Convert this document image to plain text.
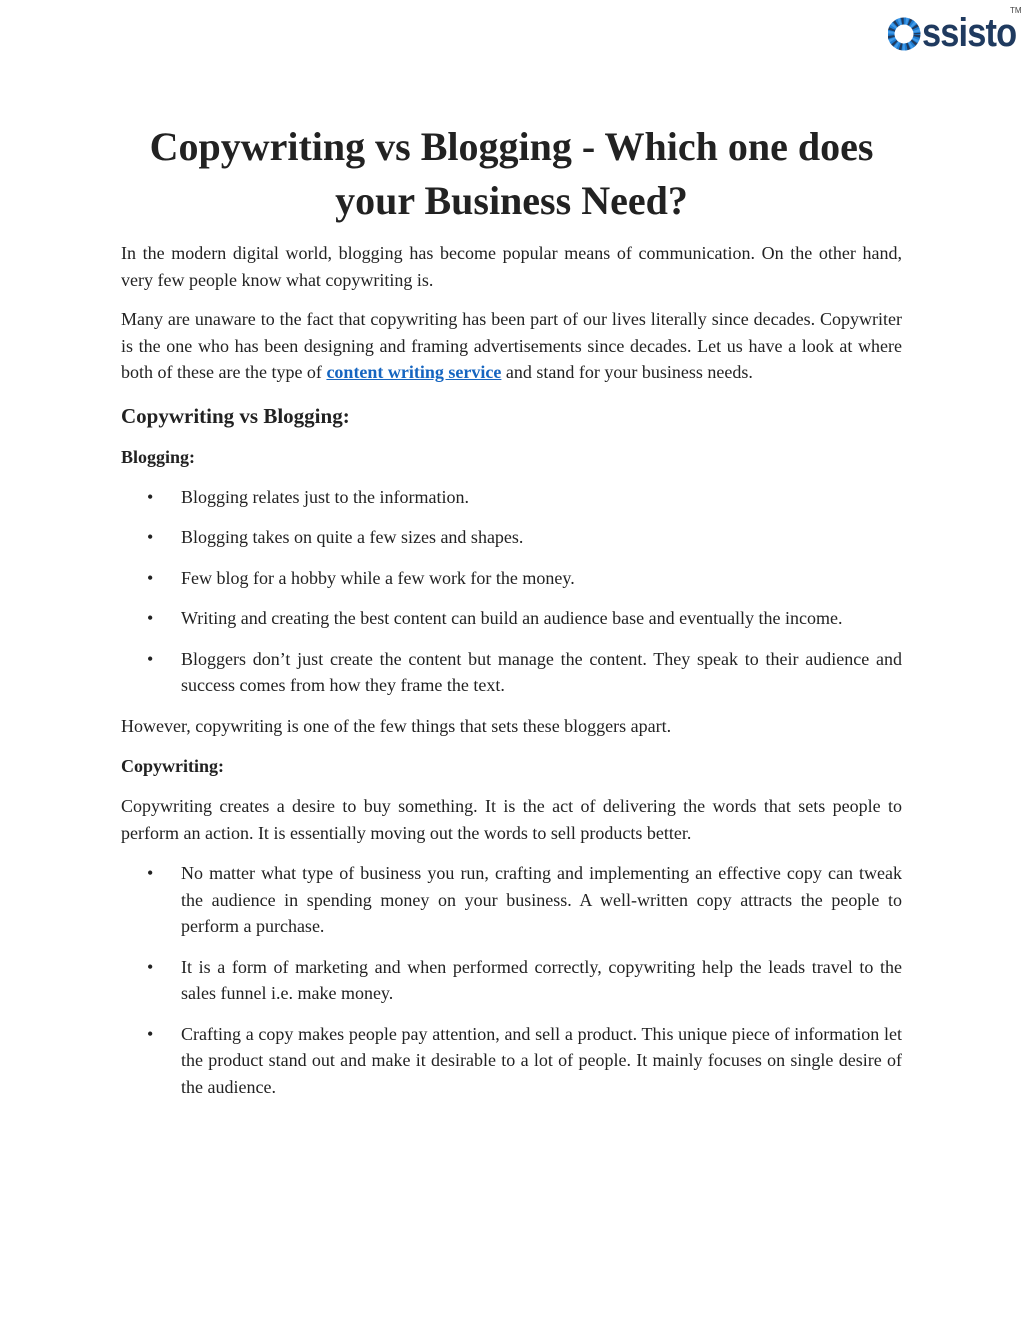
ssisto
TM
Copywriting vs Blogging - Which one does your Business Need?

In the modern digital world, blogging has become popular means of communication. On the other hand, very few people know what copywriting is.

Many are unaware to the fact that copywriting has been part of our lives literally since decades. Copywriter is the one who has been designing and framing advertisements since decades. Let us have a look at where both of these are the type of content writing service and stand for your business needs.

Copywriting vs Blogging:
Blogging:
• Blogging relates just to the information.
• Blogging takes on quite a few sizes and shapes.
• Few blog for a hobby while a few work for the money.
• Writing and creating the best content can build an audience base and eventually the income.
• Bloggers don’t just create the content but manage the content. They speak to their audience and success comes from how they frame the text.

However, copywriting is one of the few things that sets these bloggers apart.

Copywriting:

Copywriting creates a desire to buy something. It is the act of delivering the words that sets people to perform an action. It is essentially moving out the words to sell products better.

• No matter what type of business you run, crafting and implementing an effective copy can tweak the audience in spending money on your business. A well-written copy attracts the people to perform a purchase.
• It is a form of marketing and when performed correctly, copywriting help the leads travel to the sales funnel i.e. make money.
• Crafting a copy makes people pay attention, and sell a product. This unique piece of information let the product stand out and make it desirable to a lot of people. It mainly focuses on single desire of the audience.
